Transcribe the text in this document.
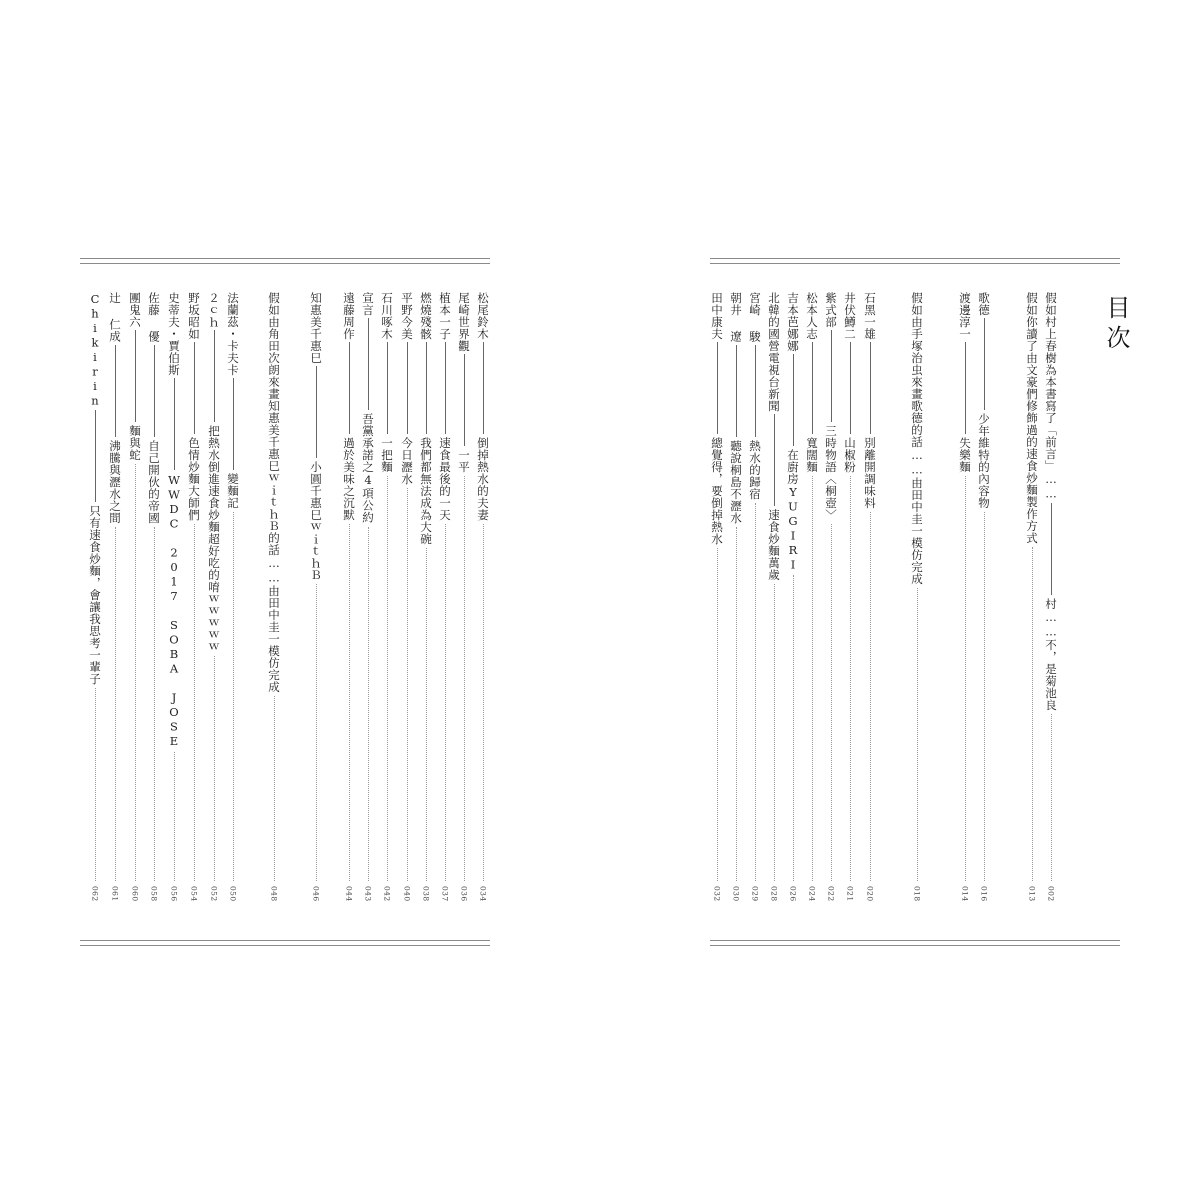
松尾鈴木
倒掉熱水的夫妻
034
尾崎世界觀
一平
036
植本一子
速食最後的一天
037
燃燒殘骸
我們都無法成為大碗
038
平野今美
今日瀝水
040
石川啄木
一把麵
042
宣言
吾黨承諾之4項公約
043
遠藤周作
過於美味之沉默
044
知惠美千惠巳
小圓千惠巳ｗｉｔｈＢ
046
假如由角田次朗來畫知惠美千惠巳ｗｉｔｈＢ的話……由田中圭一模仿完成
048
法蘭茲・卡夫卡
變麵記
050
２ｃｈ
把熱水倒進速食炒麵超好吃的唷ｗｗｗｗｗ
052
野坂昭如
色情炒麵大師們
054
史蒂夫・賈伯斯
WWDC 2017 SOBA JOSE
056
佐藤 優
自己開伙的帝國
058
團鬼六
麵與蛇
060
辻 仁成
沸騰與瀝水之間
061
Chikirin
只有速食炒麵，會讓我思考一輩子
062
目次
假如村上春樹為本書寫了「前言」……
村……不，是菊池良
002
假如你讀了由文豪們修飾過的速食炒麵製作方式
013
歌德
少年維特的內容物
016
渡邊淳一
失樂麵
014
假如由手塚治虫來畫歌德的話……由田中圭一模仿完成
018
石黑一雄
別離開調味料
020
井伏鱒二
山椒粉
021
紫式部
三時物語〈桐壺〉
022
松本人志
寬闊麵
024
吉本芭娜娜
在廚房YUGIRI
026
北韓的國營電視台新聞
速食炒麵萬歲
028
宮崎 駿
熱水的歸宿
029
朝井 遼
聽說桐島不瀝水
030
田中康夫
總覺得，要倒掉熱水
032
